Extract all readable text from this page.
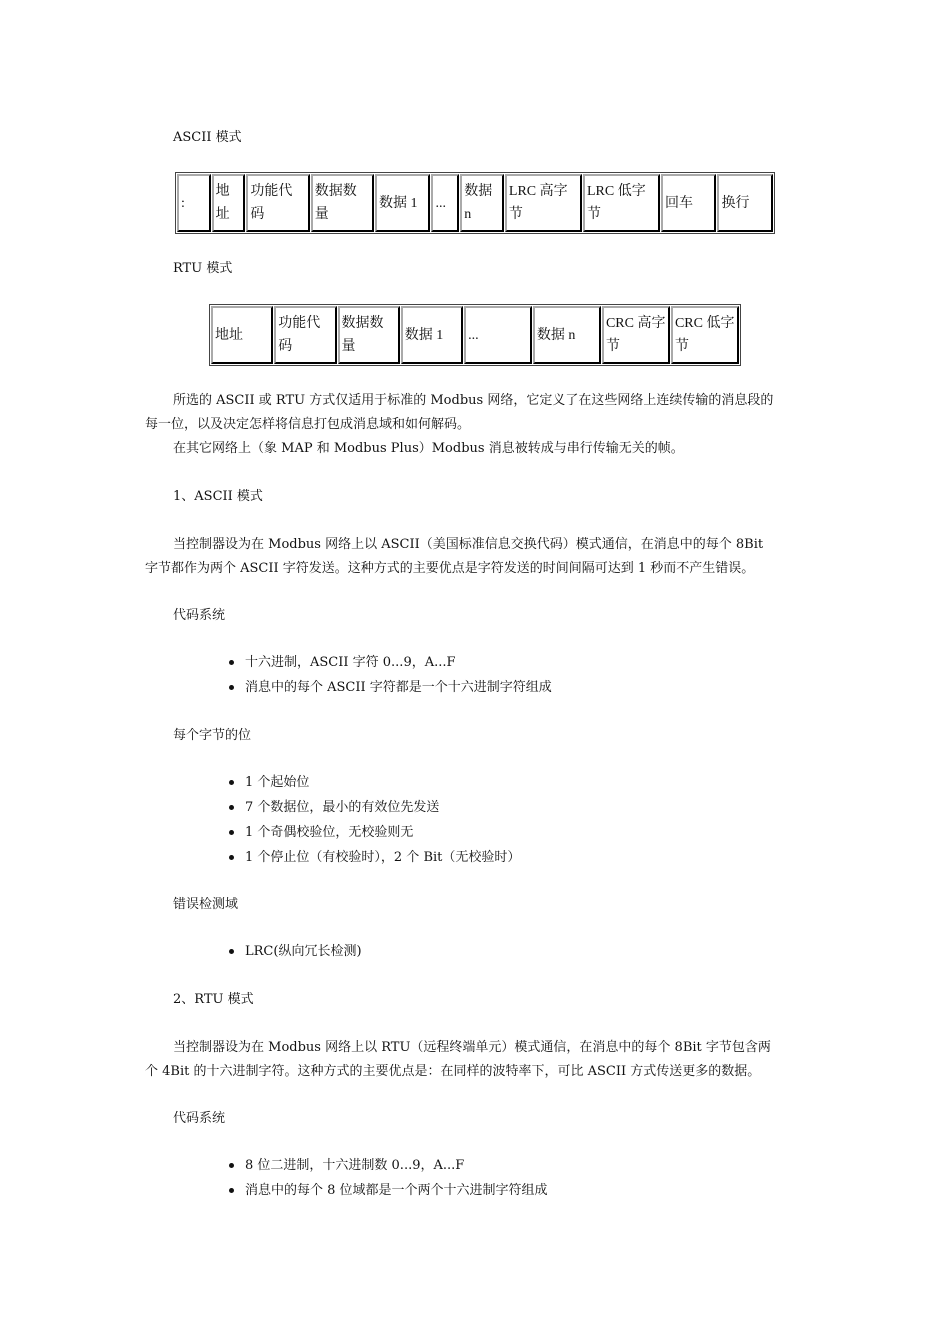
ASCII 模式
:	地址	功能代码	数据数量	数据 1	...	数据 n	LRC 高字节	LRC 低字节	回车	换行
RTU 模式
地址	功能代码	数据数量	数据 1	...	数据 n	CRC 高字节	CRC 低字节
所选的 ASCII 或 RTU 方式仅适用于标准的 Modbus 网络，它定义了在这些网络上连续传输的消息段的
每一位，以及决定怎样将信息打包成消息域和如何解码。
在其它网络上（象 MAP 和 Modbus Plus）Modbus 消息被转成与串行传输无关的帧。
1、ASCII 模式
当控制器设为在 Modbus 网络上以 ASCII（美国标准信息交换代码）模式通信，在消息中的每个 8Bit
字节都作为两个 ASCII 字符发送。这种方式的主要优点是字符发送的时间间隔可达到 1 秒而不产生错误。
代码系统
十六进制，ASCII 字符 0...9，A...F
消息中的每个 ASCII 字符都是一个十六进制字符组成
每个字节的位
1 个起始位
7 个数据位，最小的有效位先发送
1 个奇偶校验位，无校验则无
1 个停止位（有校验时），2 个 Bit（无校验时）
错误检测域
LRC(纵向冗长检测)
2、RTU 模式
当控制器设为在 Modbus 网络上以 RTU（远程终端单元）模式通信，在消息中的每个 8Bit 字节包含两
个 4Bit 的十六进制字符。这种方式的主要优点是：在同样的波特率下，可比 ASCII 方式传送更多的数据。
代码系统
8 位二进制，十六进制数 0...9，A...F
消息中的每个 8 位域都是一个两个十六进制字符组成
